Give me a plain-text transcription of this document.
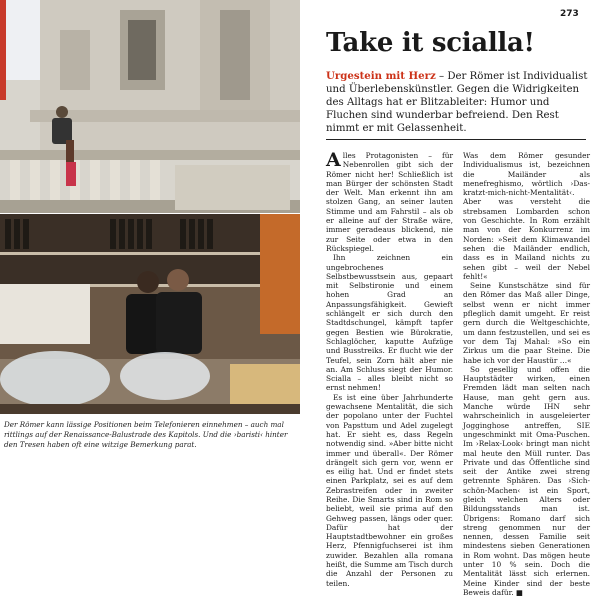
Der Römer kann lässige Positionen beim Telefonieren einnehmen – auch mal rittlings auf der Renaissance-Balustrade des Kapitols. Und die ›baristi‹ hinter den Tresen haben oft eine witzige Bemerkung parat.

273
Take it scialla!

Urgestein mit Herz – Der Römer ist Individualist und Überlebenskünstler. Gegen die Widrigkeiten des Alltags hat er Blitzableiter: Humor und Fluchen sind wunderbar befreiend. Den Rest nimmt er mit Gelassenheit.

Alles Protagonisten – für Nebenrollen gibt sich der Römer nicht her! Schließlich ist man Bürger der schönsten Stadt der Welt. Man erkennt ihn am stolzen Gang, an seiner lauten Stimme und am Fahrstil – als ob er alleine auf der Straße wäre, immer geradeaus blickend, nie zur Seite oder etwa in den Rückspiegel.

Ihn zeichnen ein ungebrochenes Selbstbewusstsein aus, gepaart mit Selbstironie und einem hohen Grad an Anpassungsfähigkeit. Gewieft schlängelt er sich durch den Stadtdschungel, kämpft tapfer gegen Bestien wie Bürokratie, Schlaglöcher, kaputte Aufzüge und Busstreiks. Er flucht wie der Teufel, sein Zorn hält aber nie an. Am Schluss siegt der Humor. Scialla – alles bleibt nicht so ernst nehmen!

Es ist eine über Jahrhunderte gewachsene Mentalität, die sich der popolano unter der Fuchtel von Papsttum und Adel zugelegt hat. Er sieht es, dass Regeln notwendig sind. »Aber bitte nicht immer und überall«. Der Römer drängelt sich gern vor, wenn er es eilig hat. Und er findet stets einen Parkplatz, sei es auf dem Zebrastreifen oder in zweiter Reihe. Die Smarts sind in Rom so beliebt, weil sie prima auf den Gehweg passen, längs oder quer. Dafür hat der Hauptstadtbewohner ein großes Herz, Pfennigfuchserei ist ihm zuwider. Bezahlen alla romana heißt, die Summe am Tisch durch die Anzahl der Personen zu teilen.

Was dem Römer gesunder Individualismus ist, bezeichnen die Mailänder als menefreghismo, wörtlich ›Das-kratzt-mich-nicht-Mentalität‹. Aber was versteht die strebsamen Lombarden schon von Geschichte. In Rom erzählt man von der Konkurrenz im Norden: »Seit dem Klimawandel sehen die Mailänder endlich, dass es in Mailand nichts zu sehen gibt – weil der Nebel fehlt!«

Seine Kunstschätze sind für den Römer das Maß aller Dinge, selbst wenn er nicht immer pfleglich damit umgeht. Er reist gern durch die Weltgeschichte, um dann festzustellen, und sei es vor dem Taj Mahal: »So ein Zirkus um die paar Steine. Die habe ich vor der Haustür …«

So gesellig und offen die Hauptstädter wirken, einen Fremden lädt man selten nach Hause, man geht gern aus. Manche würde IHN sehr wahrscheinlich in ausgeleierter Jogginghose antreffen, SIE ungeschminkt mit Oma-Puschen. Im ›Relax-Look‹ bringt man nicht mal heute den Müll runter. Das Private und das Öffentliche sind seit der Antike zwei streng getrennte Sphären. Das ›Sich-schön-Machen‹ ist ein Sport, gleich welchen Alters oder Bildungsstands man ist. Übrigens: Romano darf sich streng genommen nur der nennen, dessen Familie seit mindestens sieben Generationen in Rom wohnt. Das mögen heute unter 10 % sein. Doch die Mentalität lässt sich erlernen. Meine Kinder sind der beste Beweis dafür. ■
